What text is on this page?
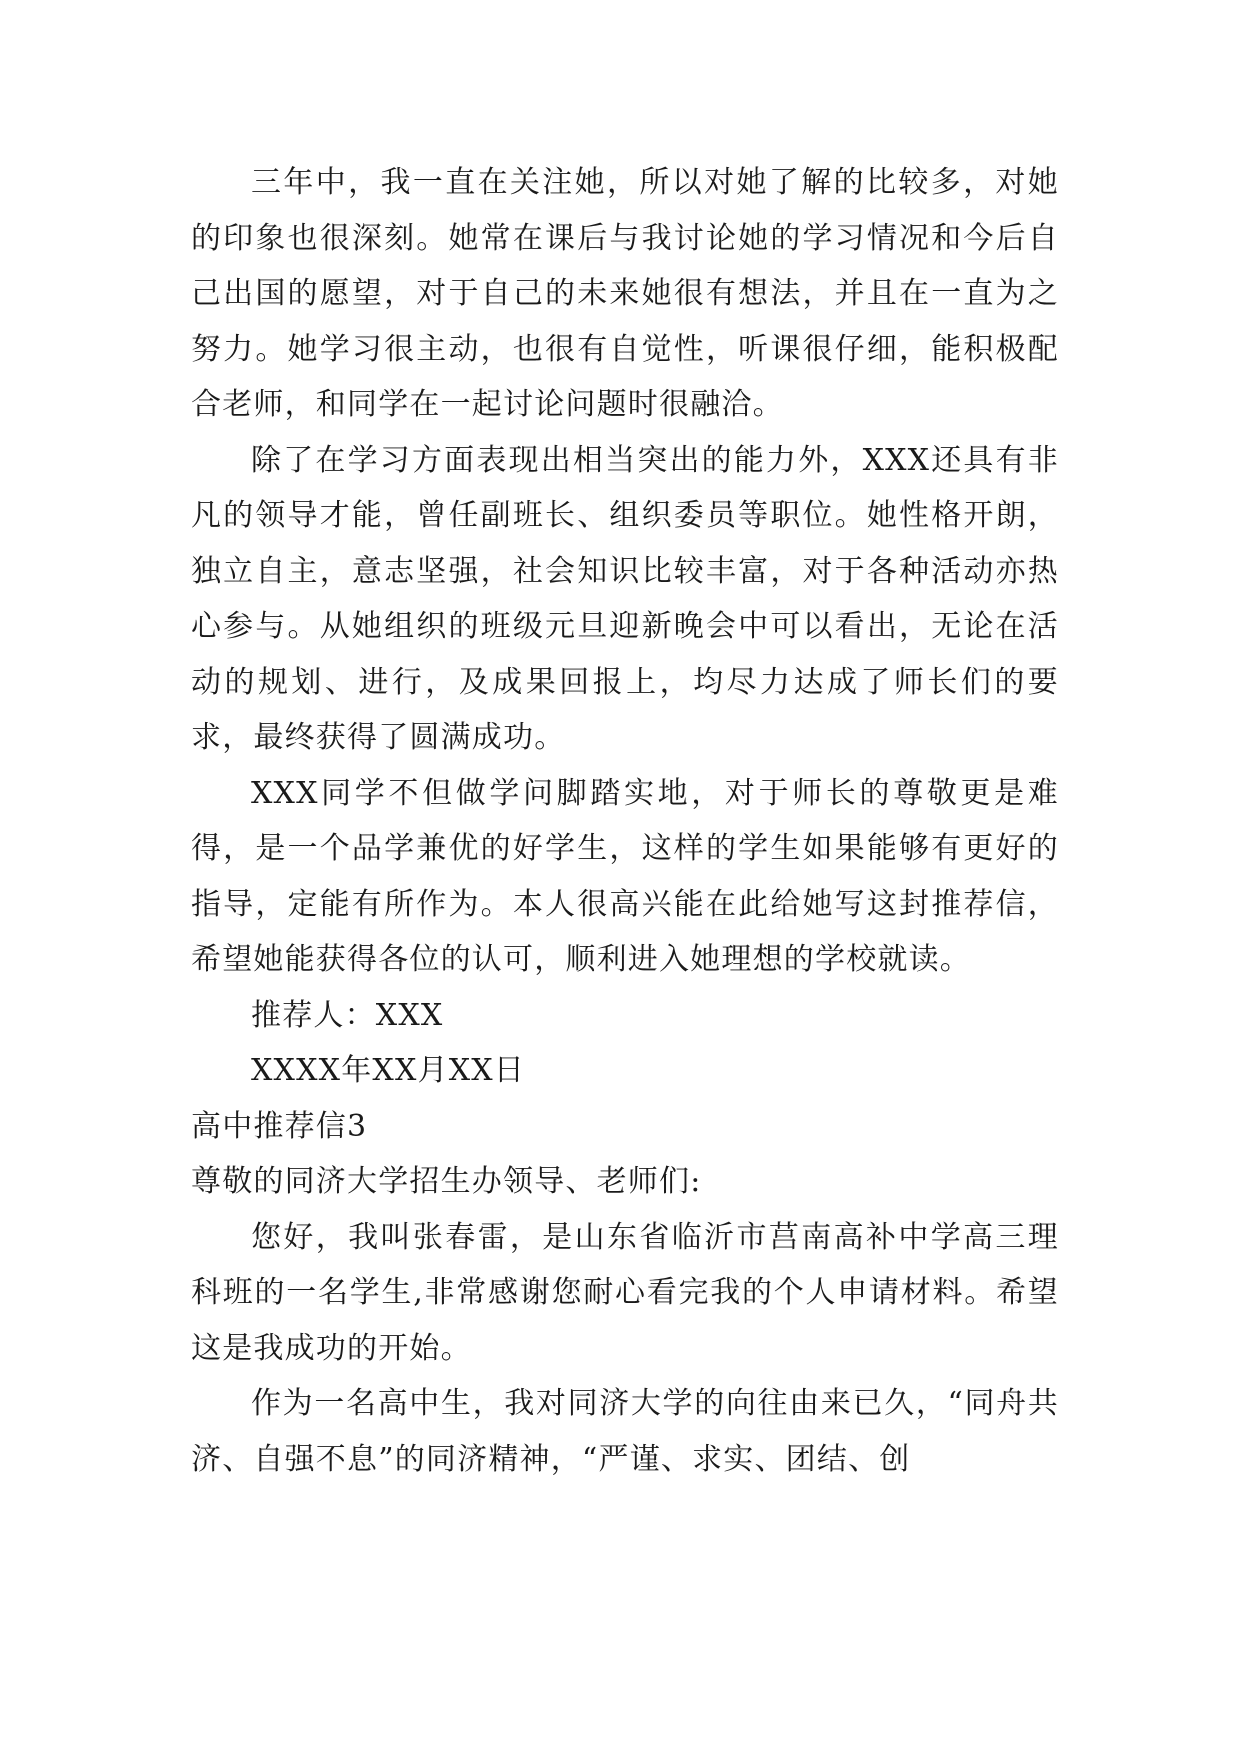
三年中，我一直在关注她，所以对她了解的比较多，对她的印象也很深刻。她常在课后与我讨论她的学习情况和今后自己出国的愿望，对于自己的未来她很有想法，并且在一直为之努力。她学习很主动，也很有自觉性，听课很仔细，能积极配合老师，和同学在一起讨论问题时很融洽。

除了在学习方面表现出相当突出的能力外，XXX还具有非凡的领导才能，曾任副班长、组织委员等职位。她性格开朗，独立自主，意志坚强，社会知识比较丰富，对于各种活动亦热心参与。从她组织的班级元旦迎新晚会中可以看出，无论在活动的规划、进行，及成果回报上，均尽力达成了师长们的要求，最终获得了圆满成功。

XXX同学不但做学问脚踏实地，对于师长的尊敬更是难得，是一个品学兼优的好学生，这样的学生如果能够有更好的指导，定能有所作为。本人很高兴能在此给她写这封推荐信，希望她能获得各位的认可，顺利进入她理想的学校就读。

推荐人：XXX

XXXX年XX月XX日

高中推荐信3

尊敬的同济大学招生办领导、老师们:

您好，我叫张春雷，是山东省临沂市莒南高补中学高三理科班的一名学生,非常感谢您耐心看完我的个人申请材料。希望这是我成功的开始。

作为一名高中生，我对同济大学的向往由来已久，“同舟共济、自强不息”的同济精神，“严谨、求实、团结、创
